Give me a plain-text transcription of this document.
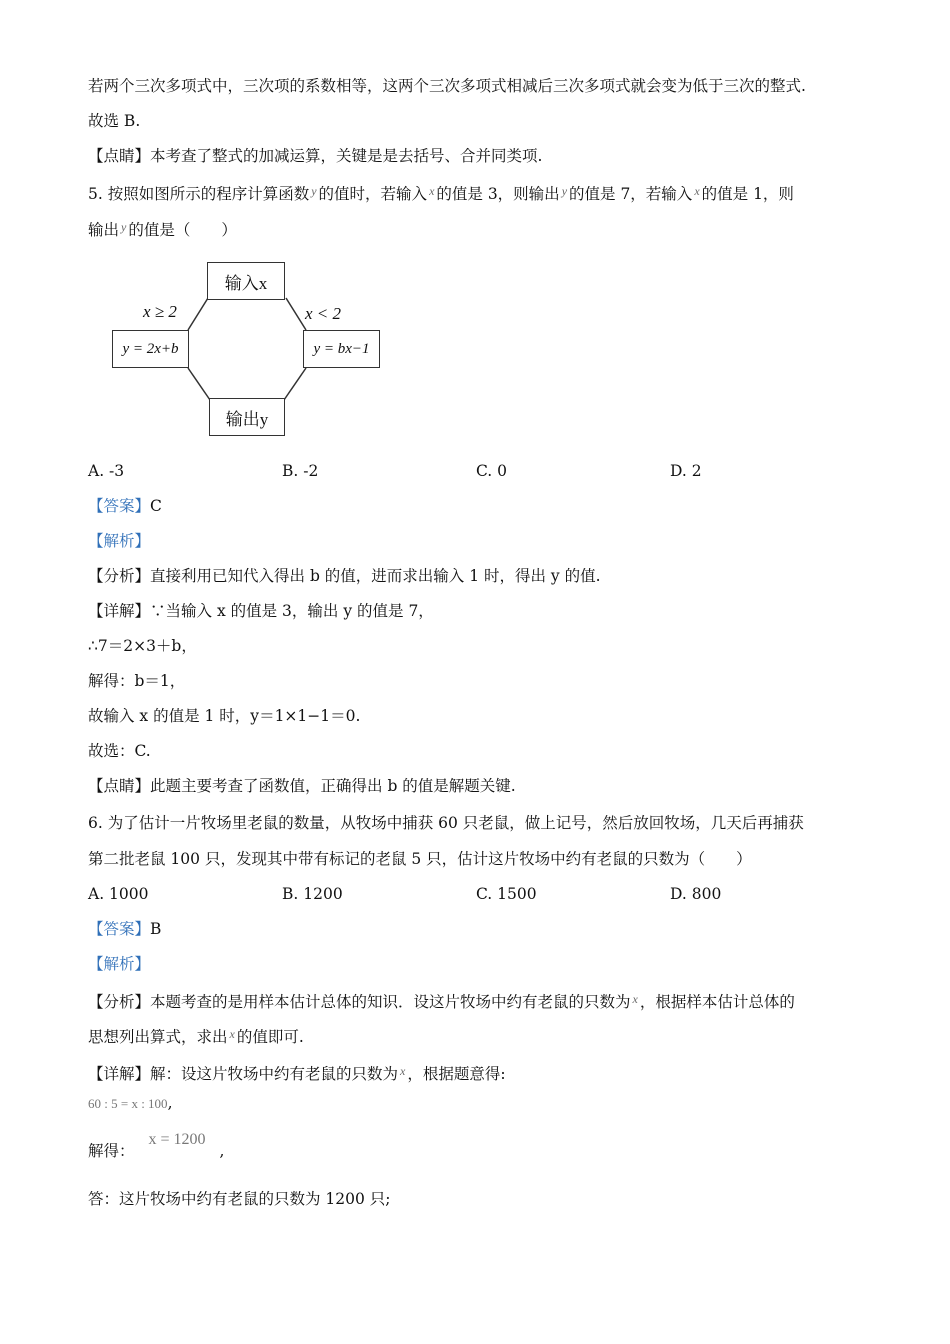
若两个三次多项式中，三次项的系数相等，这两个三次多项式相减后三次多项式就会变为低于三次的整式.
故选 B.
【点睛】本考查了整式的加减运算，关键是是去括号、合并同类项.
5. 按照如图所示的程序计算函数 $^y$ 的值时，若输入 $^x$ 的值是 3，则输出 $^y$ 的值是 7，若输入 $^x$ 的值是 1，则
输出 $^y$ 的值是（　　）
输入x
y = 2x+b	y = bx−1
输出y
x ≥ 2	x < 2
A. -3	B. -2	C. 0	D. 2
【答案】C
【解析】
【分析】直接利用已知代入得出 b 的值，进而求出输入 1 时，得出 y 的值.
【详解】∵当输入 x 的值是 3，输出 y 的值是 7，
∴7＝2×3＋b，
解得：b＝1，
故输入 x 的值是 1 时，y＝1×1−1＝0.
故选：C.
【点睛】此题主要考查了函数值，正确得出 b 的值是解题关键.
6. 为了估计一片牧场里老鼠的数量，从牧场中捕获 60 只老鼠，做上记号，然后放回牧场，几天后再捕获
第二批老鼠 100 只，发现其中带有标记的老鼠 5 只，估计这片牧场中约有老鼠的只数为（　　）
A. 1000	B. 1200	C. 1500	D. 800
【答案】B
【解析】
【分析】本题考查的是用样本估计总体的知识．设这片牧场中约有老鼠的只数为 $^x$ ，根据样本估计总体的
思想列出算式，求出 $^x$ 的值即可.
【详解】解：设这片牧场中约有老鼠的只数为 $^x$ ，根据题意得:
60 : 5 = x : 100,
解得：x = 1200,
答：这片牧场中约有老鼠的只数为 1200 只;
